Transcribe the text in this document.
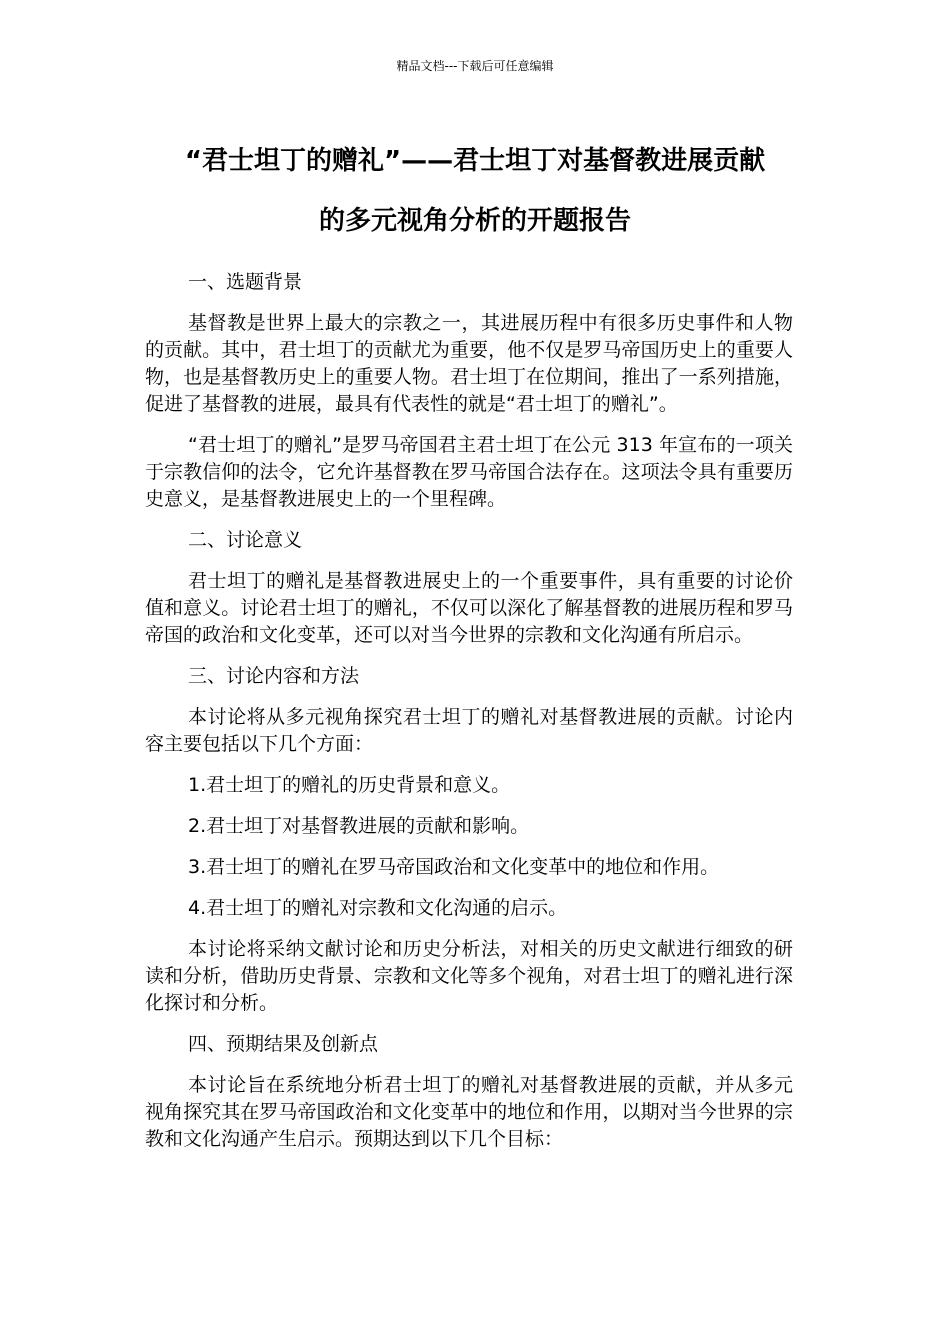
精品文档---下载后可任意编辑
“君士坦丁的赠礼”——君士坦丁对基督教进展贡献
的多元视角分析的开题报告

一、选题背景

基督教是世界上最大的宗教之一，其进展历程中有很多历史事件和人物的贡献。其中，君士坦丁的贡献尤为重要，他不仅是罗马帝国历史上的重要人物，也是基督教历史上的重要人物。君士坦丁在位期间，推出了一系列措施，促进了基督教的进展，最具有代表性的就是“君士坦丁的赠礼”。

“君士坦丁的赠礼”是罗马帝国君主君士坦丁在公元 313 年宣布的一项关于宗教信仰的法令，它允许基督教在罗马帝国合法存在。这项法令具有重要历史意义，是基督教进展史上的一个里程碑。

二、讨论意义

君士坦丁的赠礼是基督教进展史上的一个重要事件，具有重要的讨论价值和意义。讨论君士坦丁的赠礼，不仅可以深化了解基督教的进展历程和罗马帝国的政治和文化变革，还可以对当今世界的宗教和文化沟通有所启示。

三、讨论内容和方法

本讨论将从多元视角探究君士坦丁的赠礼对基督教进展的贡献。讨论内容主要包括以下几个方面：

1.君士坦丁的赠礼的历史背景和意义。

2.君士坦丁对基督教进展的贡献和影响。

3.君士坦丁的赠礼在罗马帝国政治和文化变革中的地位和作用。

4.君士坦丁的赠礼对宗教和文化沟通的启示。

本讨论将采纳文献讨论和历史分析法，对相关的历史文献进行细致的研读和分析，借助历史背景、宗教和文化等多个视角，对君士坦丁的赠礼进行深化探讨和分析。

四、预期结果及创新点

本讨论旨在系统地分析君士坦丁的赠礼对基督教进展的贡献，并从多元视角探究其在罗马帝国政治和文化变革中的地位和作用，以期对当今世界的宗教和文化沟通产生启示。预期达到以下几个目标：
